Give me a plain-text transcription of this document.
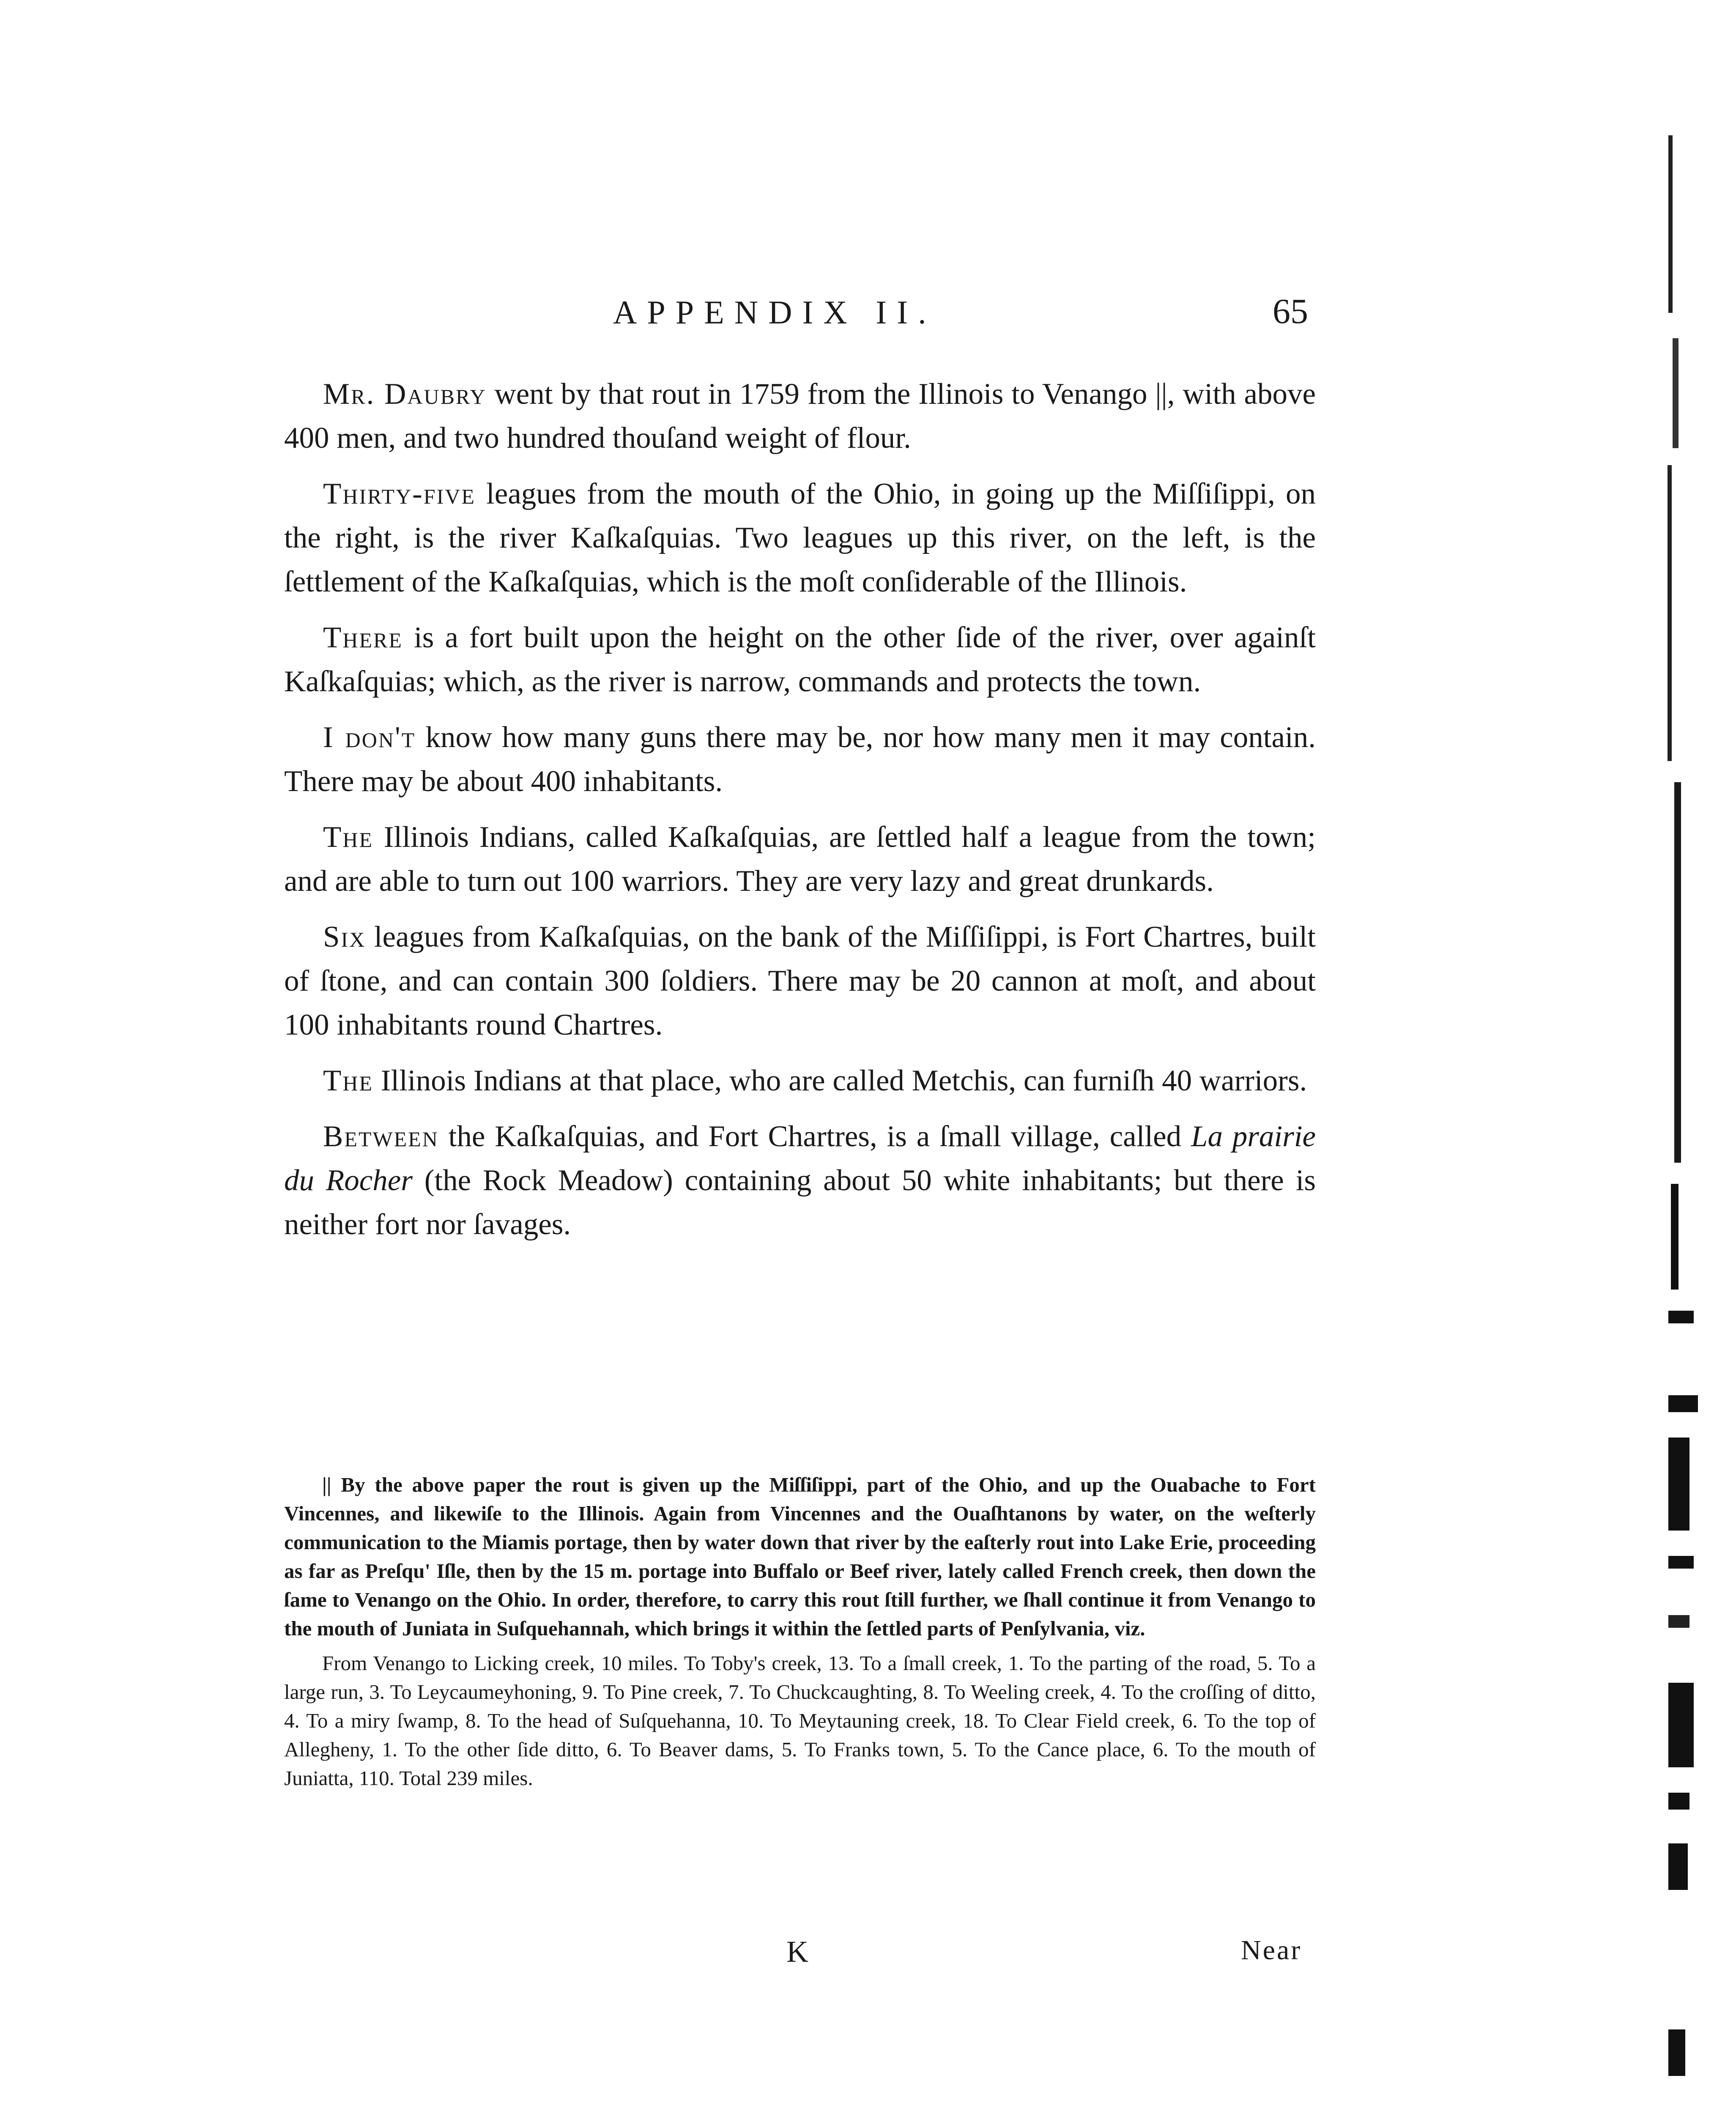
APPENDIX II.	65

Mr. Daubry went by that rout in 1759 from the Illinois to Venango ||, with above 400 men, and two hundred thouſand weight of flour.

Thirty-five leagues from the mouth of the Ohio, in going up the Miſſiſippi, on the right, is the river Kaſkaſquias. Two leagues up this river, on the left, is the ſettlement of the Kaſkaſquias, which is the moſt conſiderable of the Illinois.

There is a fort built upon the height on the other ſide of the river, over againſt Kaſkaſquias; which, as the river is narrow, commands and protects the town.

I don't know how many guns there may be, nor how many men it may contain. There may be about 400 inhabitants.

The Illinois Indians, called Kaſkaſquias, are ſettled half a league from the town; and are able to turn out 100 warriors. They are very lazy and great drunkards.

Six leagues from Kaſkaſquias, on the bank of the Miſſiſippi, is Fort Chartres, built of ſtone, and can contain 300 ſoldiers. There may be 20 cannon at moſt, and about 100 inhabitants round Chartres.

The Illinois Indians at that place, who are called Metchis, can furniſh 40 warriors.

Between the Kaſkaſquias, and Fort Chartres, is a ſmall village, called La prairie du Rocher (the Rock Meadow) containing about 50 white inhabitants; but there is neither fort nor ſavages.

|| By the above paper the rout is given up the Miſſiſippi, part of the Ohio, and up the Ouabache to Fort Vincennes, and likewiſe to the Illinois. Again from Vincennes and the Ouaſhtanons by water, on the weſterly communication to the Miamis portage, then by water down that river by the eaſterly rout into Lake Erie, proceeding as far as Preſqu' Iſle, then by the 15 m. portage into Buffalo or Beef river, lately called French creek, then down the ſame to Venango on the Ohio. In order, therefore, to carry this rout ſtill further, we ſhall continue it from Venango to the mouth of Juniata in Suſquehannah, which brings it within the ſettled parts of Penſylvania, viz.

From Venango to Licking creek, 10 miles. To Toby's creek, 13. To a ſmall creek, 1. To the parting of the road, 5. To a large run, 3. To Leycaumeyhoning, 9. To Pine creek, 7. To Chuckcaughting, 8. To Weeling creek, 4. To the croſſing of ditto, 4. To a miry ſwamp, 8. To the head of Suſquehanna, 10. To Meytauning creek, 18. To Clear Field creek, 6. To the top of Allegheny, 1. To the other ſide ditto, 6. To Beaver dams, 5. To Franks town, 5. To the Cance place, 6. To the mouth of Juniatta, 110. Total 239 miles.

K	Near
